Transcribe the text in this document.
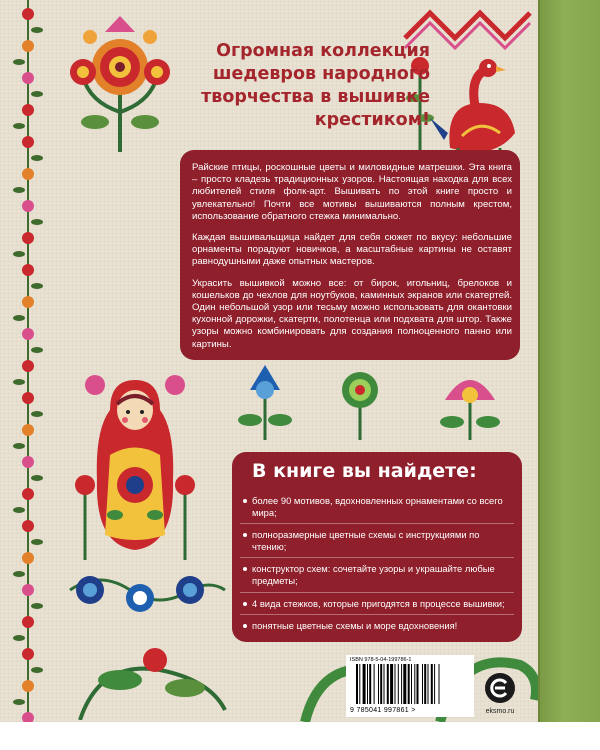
Огромная коллекция
шедевров народного
творчества в вышивке
крестиком!

Райские птицы, роскошные цветы и миловидные матрешки. Эта книга – просто кладезь традиционных узоров. Настоящая находка для всех любителей стиля фолк-арт. Вышивать по этой книге просто и увлекательно! Почти все мотивы вышиваются полным крестом, использование обратного стежка минимально.

Каждая вышивальщица найдет для себя сюжет по вкусу: небольшие орнаменты порадуют новичков, а масштабные картины не оставят равнодушными даже опытных мастеров.

Украсить вышивкой можно все: от бирок, игольниц, брелоков и кошельков до чехлов для ноутбуков, каминных экранов или скатертей. Один небольшой узор или тесьму можно использовать для окантовки кухонной дорожки, скатерти, полотенца или подхвата для штор. Также узоры можно комбинировать для создания полноценного панно или картины.

В книге вы найдете:
более 90 мотивов, вдохновленных орнаментами со всего мира;
полноразмерные цветные схемы с инструкциями по чтению;
конструктор схем: сочетайте узоры и украшайте любые предметы;
4 вида стежков, которые пригодятся в процессе вышивки;
понятные цветные схемы и море вдохновения!
ISBN 978-5-04-199786-1
9 785041 997861 >	eksmo.ru
